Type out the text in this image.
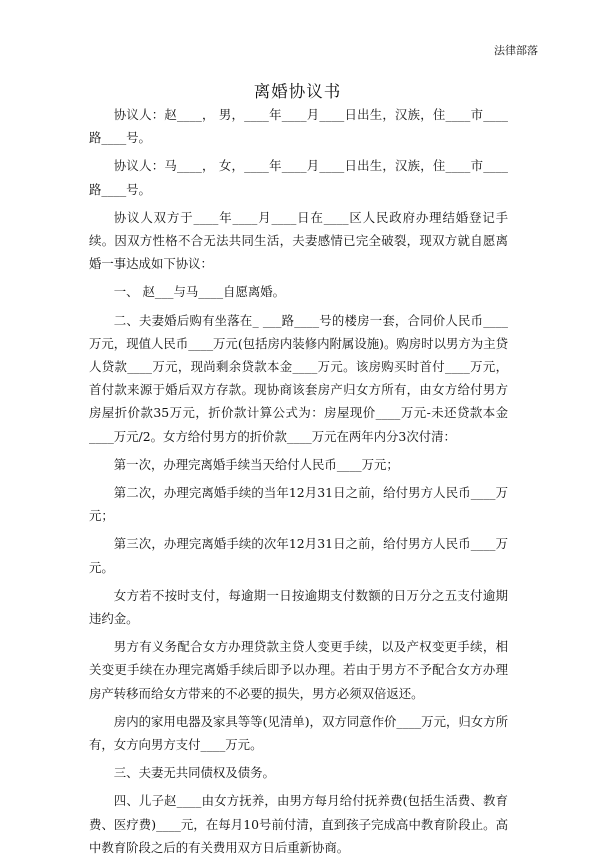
法律部落
离婚协议书

协议人：赵____， 男，____年____月____日出生，汉族，住____市____路____号。

协议人：马____， 女，____年____月____日出生，汉族，住____市____路____号。

协议人双方于____年____月____日在____区人民政府办理结婚登记手续。因双方性格不合无法共同生活，夫妻感情已完全破裂，现双方就自愿离婚一事达成如下协议：

一、 赵___与马____自愿离婚。

二、夫妻婚后购有坐落在_ ___路____号的楼房一套，合同价人民币____万元，现值人民币____万元(包括房内装修内附属设施)。购房时以男方为主贷人贷款____万元，现尚剩余贷款本金____万元。该房购买时首付____万元，首付款来源于婚后双方存款。现协商该套房产归女方所有，由女方给付男方房屋折价款35万元，折价款计算公式为：房屋现价____万元-未还贷款本金____万元/2。女方给付男方的折价款____万元在两年内分3次付清：

第一次，办理完离婚手续当天给付人民币____万元；

第二次，办理完离婚手续的当年12月31日之前，给付男方人民币____万元；

第三次，办理完离婚手续的次年12月31日之前，给付男方人民币____万元。

女方若不按时支付，每逾期一日按逾期支付数额的日万分之五支付逾期违约金。

男方有义务配合女方办理贷款主贷人变更手续，以及产权变更手续，相关变更手续在办理完离婚手续后即予以办理。若由于男方不予配合女方办理房产转移而给女方带来的不必要的损失，男方必须双倍返还。

房内的家用电器及家具等等(见清单)，双方同意作价____万元，归女方所有，女方向男方支付____万元。

三、夫妻无共同债权及债务。

四、儿子赵____由女方抚养，由男方每月给付抚养费(包括生活费、教育费、医疗费)____元，在每月10号前付清，直到孩子完成高中教育阶段止。高中教育阶段之后的有关费用双方日后重新协商。
